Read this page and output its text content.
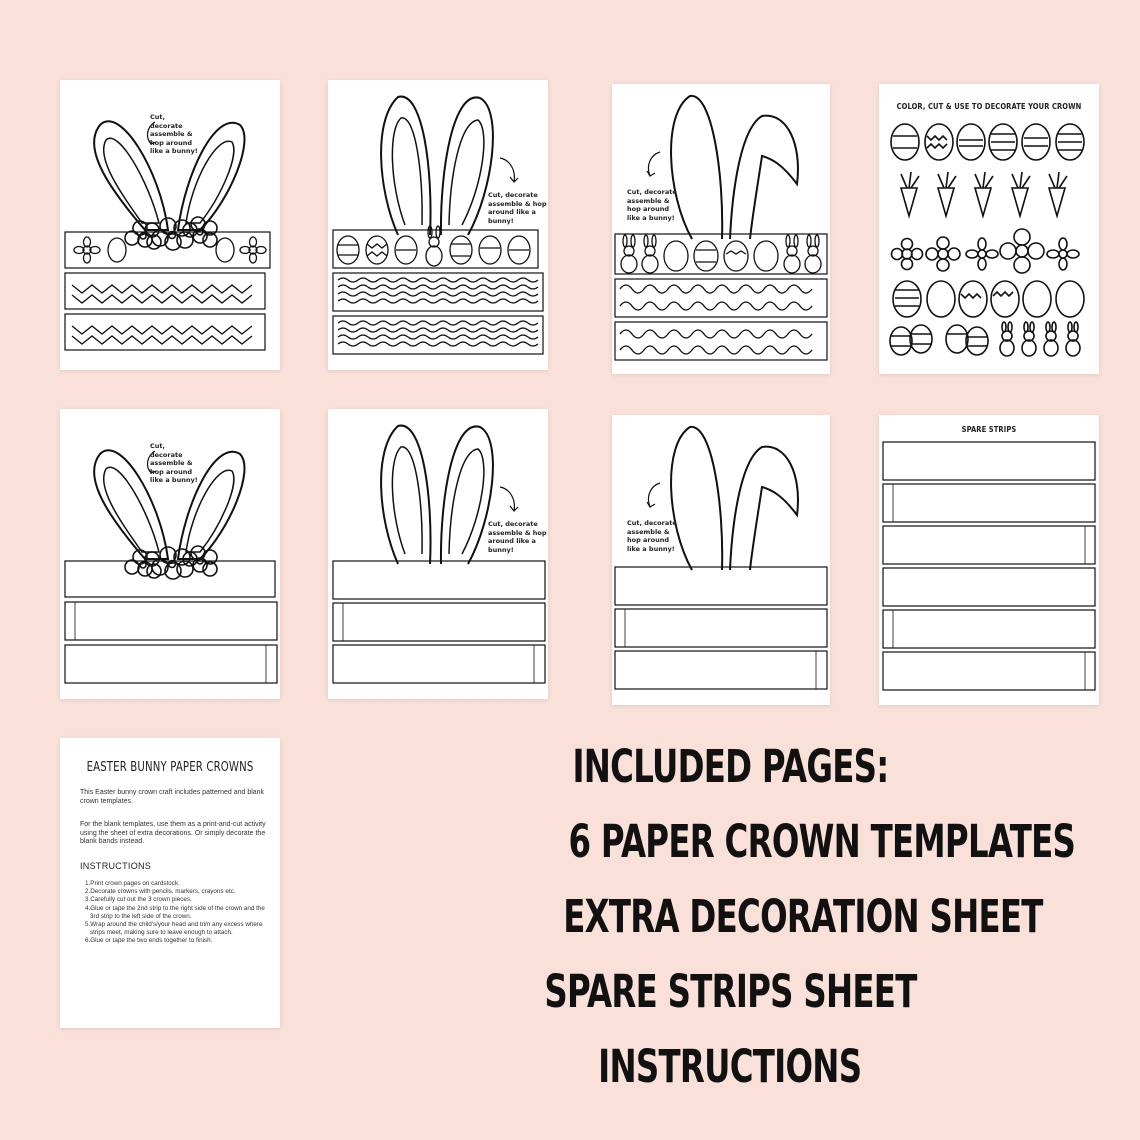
Cut,
decorate
assemble &
hop around
like a bunny!
Cut, decorate
assemble & hop
around like a
bunny!
Cut, decorate
assemble &
hop around
like a bunny!
COLOR, CUT & USE TO DECORATE YOUR CROWN
Cut,
decorate
assemble &
hop around
like a bunny!
Cut, decorate
assemble & hop
around like a
bunny!
Cut, decorate
assemble &
hop around
like a bunny!
SPARE STRIPS
EASTER BUNNY PAPER CROWNS
This Easter bunny crown craft includes patterned and blank crown templates.
For the blank templates, use them as a print-and-cut activity using the sheet of extra decorations. Or simply decorate the blank bands instead.
INSTRUCTIONS
1.Print crown pages on cardstock.
2.Decorate crowns with pencils, markers, crayons etc.
3.Carefully cut out the 3 crown pieces.
4.Glue or tape the 2nd strip to the right side of the crown and the 3rd strip to the left side of the crown.
5.Wrap around the child's/your head and trim any excess where strips meet, making sure to leave enough to attach.
6.Glue or tape the two ends together to finish.
INCLUDED PAGES:
6 PAPER CROWN TEMPLATES
EXTRA DECORATION SHEET
SPARE STRIPS SHEET
INSTRUCTIONS
